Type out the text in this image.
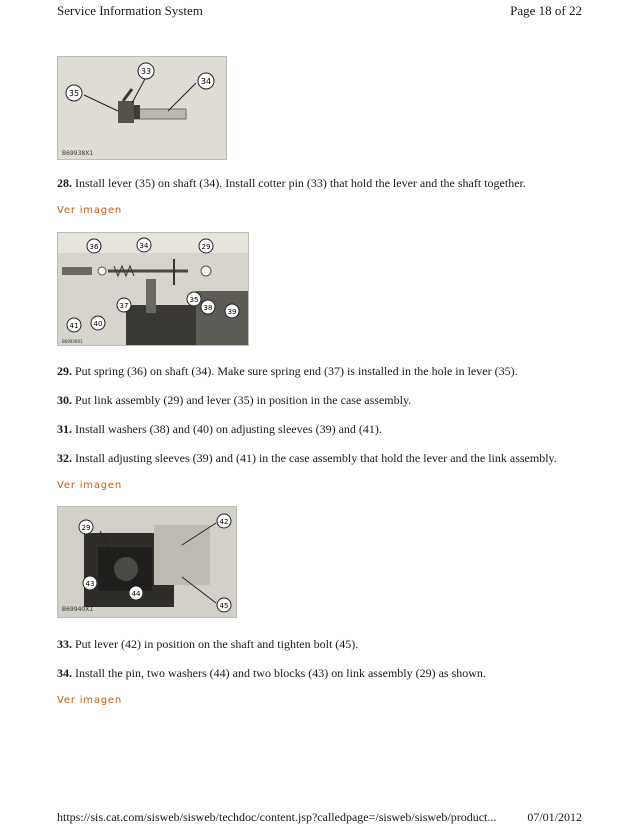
Service Information System	Page 18 of 22
33
34
35
B69938X1
28. Install lever (35) on shaft (34). Install cotter pin (33) that hold the lever and the shaft together.
Ver imagen
36	34	29
37
35
38 39
41 40
B69939X1
29. Put spring (36) on shaft (34). Make sure spring end (37) is installed in the hole in lever (35).
30. Put link assembly (29) and lever (35) in position in the case assembly.
31. Install washers (38) and (40) on adjusting sleeves (39) and (41).
32. Install adjusting sleeves (39) and (41) in the case assembly that hold the lever and the link assembly.
Ver imagen
29
42
43
44
45
B69940X1
33. Put lever (42) in position on the shaft and tighten bolt (45).
34. Install the pin, two washers (44) and two blocks (43) on link assembly (29) as shown.
Ver imagen
https://sis.cat.com/sisweb/sisweb/techdoc/content.jsp?calledpage=/sisweb/sisweb/product...	07/01/2012
